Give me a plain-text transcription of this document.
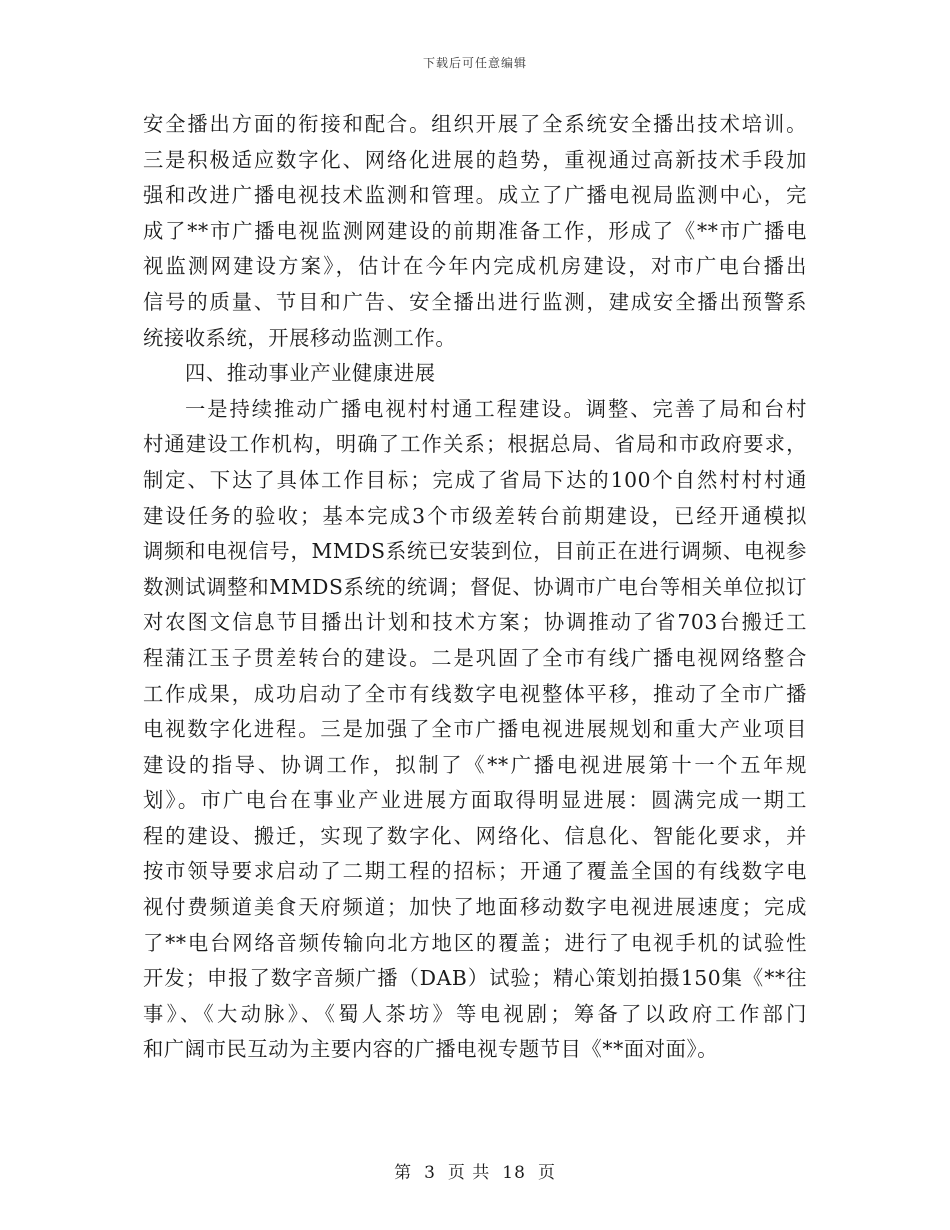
下载后可任意编辑
安全播出方面的衔接和配合。组织开展了全系统安全播出技术培训。
三是积极适应数字化、网络化进展的趋势，重视通过高新技术手段加
强和改进广播电视技术监测和管理。成立了广播电视局监测中心，完
成了**市广播电视监测网建设的前期准备工作，形成了《**市广播电
视监测网建设方案》，估计在今年内完成机房建设，对市广电台播出
信号的质量、节目和广告、安全播出进行监测，建成安全播出预警系
统接收系统，开展移动监测工作。
四、推动事业产业健康进展
一是持续推动广播电视村村通工程建设。调整、完善了局和台村
村通建设工作机构，明确了工作关系；根据总局、省局和市政府要求，
制定、下达了具体工作目标；完成了省局下达的100个自然村村村通
建设任务的验收；基本完成3个市级差转台前期建设，已经开通模拟
调频和电视信号，MMDS系统已安装到位，目前正在进行调频、电视参
数测试调整和MMDS系统的统调；督促、协调市广电台等相关单位拟订
对农图文信息节目播出计划和技术方案；协调推动了省703台搬迁工
程蒲江玉子贯差转台的建设。二是巩固了全市有线广播电视网络整合
工作成果，成功启动了全市有线数字电视整体平移，推动了全市广播
电视数字化进程。三是加强了全市广播电视进展规划和重大产业项目
建设的指导、协调工作，拟制了《**广播电视进展第十一个五年规
划》。市广电台在事业产业进展方面取得明显进展：圆满完成一期工
程的建设、搬迁，实现了数字化、网络化、信息化、智能化要求，并
按市领导要求启动了二期工程的招标；开通了覆盖全国的有线数字电
视付费频道美食天府频道；加快了地面移动数字电视进展速度；完成
了**电台网络音频传输向北方地区的覆盖；进行了电视手机的试验性
开发；申报了数字音频广播（DAB）试验；精心策划拍摄150集《**往
事》、《大动脉》、《蜀人茶坊》等电视剧；筹备了以政府工作部门
和广阔市民互动为主要内容的广播电视专题节目《**面对面》。
第 3 页 共 18 页
